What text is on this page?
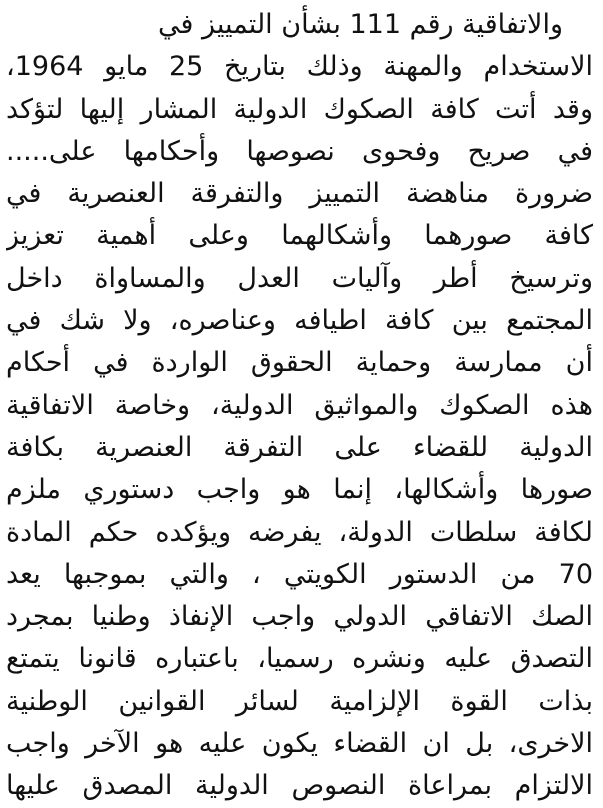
والاتفاقية رقم 111 بشأن التمييز في
الاستخدام والمهنة وذلك بتاريخ 25 مايو 1964،
وقد أتت كافة الصكوك الدولية المشار إليها لتؤكد
في صريح وفحوى نصوصها وأحكامها على.....
ضرورة مناهضة التمييز والتفرقة العنصرية في
كافة صورهما وأشكالهما وعلى أهمية تعزيز
وترسيخ أطر وآليات العدل والمساواة داخل
المجتمع بين كافة اطيافه وعناصره، ولا شك في
أن ممارسة وحماية الحقوق الواردة في أحكام
هذه الصكوك والمواثيق الدولية، وخاصة الاتفاقية
الدولية للقضاء على التفرقة العنصرية بكافة
صورها وأشكالها، إنما هو واجب دستوري ملزم
لكافة سلطات الدولة، يفرضه ويؤكده حكم المادة
70 من الدستور الكويتي ، والتي بموجبها يعد
الصك الاتفاقي الدولي واجب الإنفاذ وطنيا بمجرد
التصدق عليه ونشره رسميا، باعتباره قانونا يتمتع
بذات القوة الإلزامية لسائر القوانين الوطنية
الاخرى، بل ان القضاء يكون عليه هو الآخر واجب
الالتزام بمراعاة النصوص الدولية المصدق عليها
